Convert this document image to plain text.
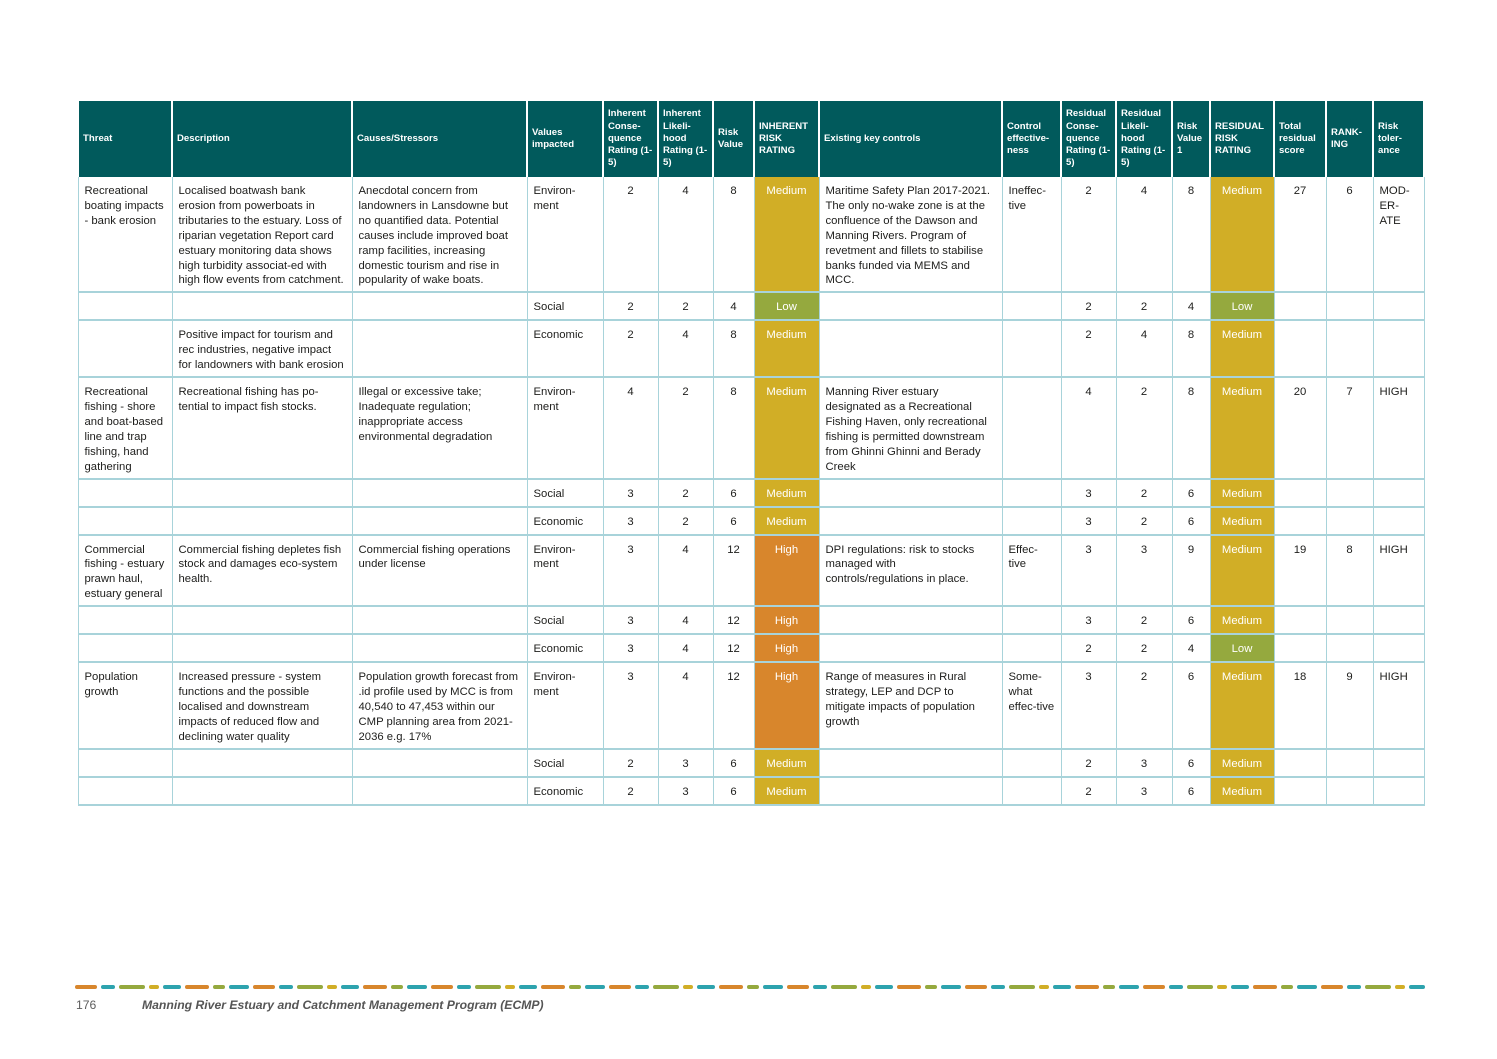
Threat	Description	Causes/Stressors	Values impacted	Inherent Conse-quence Rating (1-5)	Inherent Likeli-hood Rating (1-5)	Risk Value	INHERENT RISK RATING	Existing key controls	Control effective-ness	Residual Conse-quence Rating (1-5)	Residual Likeli-hood Rating (1-5)	Risk Value 1	RESIDUAL RISK RATING	Total residual score	RANK-ING	Risk toler-ance
Recreational boating impacts - bank erosion	Localised boatwash bank erosion from powerboats in tributaries to the estuary. Loss of riparian vegetation Report card estuary monitoring data shows high turbidity associat-ed with high flow events from catchment.	Anecdotal concern from landowners in Lansdowne but no quantified data. Potential causes include improved boat ramp facilities, increasing domestic tourism and rise in popularity of wake boats.	Environ-ment	2	4	8	Medium	Maritime Safety Plan 2017-2021. The only no-wake zone is at the confluence of the Dawson and Manning Rivers. Program of revetment and fillets to stabilise banks funded via MEMS and MCC.	Ineffec-tive	2	4	8	Medium	27	6	MOD-ER-ATE
			Social	2	2	4	Low			2	2	4	Low			
	Positive impact for tourism and rec industries, negative impact for landowners with bank erosion		Economic	2	4	8	Medium			2	4	8	Medium			
Recreational fishing - shore and boat-based line and trap fishing, hand gathering	Recreational fishing has po-tential to impact fish stocks.	Illegal or excessive take; Inadequate regulation; inappropriate access environmental degradation	Environ-ment	4	2	8	Medium	Manning River estuary designated as a Recreational Fishing Haven, only recreational fishing is permitted downstream from Ghinni Ghinni and Berady Creek		4	2	8	Medium	20	7	HIGH
			Social	3	2	6	Medium			3	2	6	Medium			
			Economic	3	2	6	Medium			3	2	6	Medium			
Commercial fishing - estuary prawn haul, estuary general	Commercial fishing depletes fish stock and damages eco-system health.	Commercial fishing operations under license	Environ-ment	3	4	12	High	DPI regulations: risk to stocks managed with controls/regulations in place.	Effec-tive	3	3	9	Medium	19	8	HIGH
			Social	3	4	12	High			3	2	6	Medium			
			Economic	3	4	12	High			2	2	4	Low			
Population growth	Increased pressure - system functions and the possible localised and downstream impacts of reduced flow and declining water quality	Population growth forecast from .id profile used by MCC is from 40,540 to 47,453 within our CMP planning area from 2021-2036 e.g. 17%	Environ-ment	3	4	12	High	Range of measures in Rural strategy, LEP and DCP to mitigate impacts of population growth	Some-what effec-tive	3	2	6	Medium	18	9	HIGH
			Social	2	3	6	Medium			2	3	6	Medium			
			Economic	2	3	6	Medium			2	3	6	Medium			
176	Manning River Estuary and Catchment Management Program (ECMP)
